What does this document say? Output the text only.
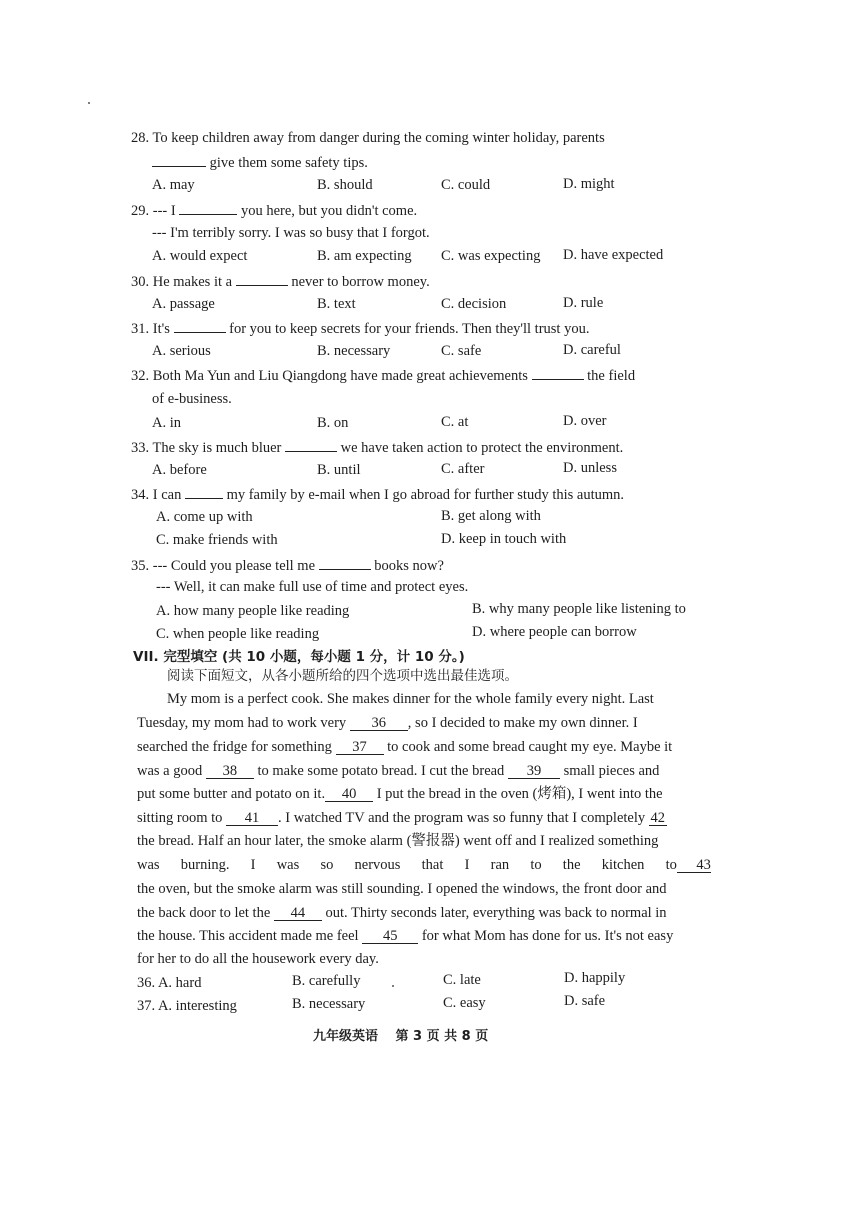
28. To keep children away from danger during the coming winter holiday, parents
give them some safety tips.
A. may	B. should	C. could	D. might
29. --- I	you here, but you didn't come.
--- I'm terribly sorry. I was so busy that I forgot.
A. would expect	B. am expecting C. was expecting D. have expected
30. He makes it a	never to borrow money.
A. passage	B. text	C. decision	D. rule
31. It's	for you to keep secrets for your friends. Then they'll trust you.
A. serious	B. necessary	C. safe	D. careful
32. Both Ma Yun and Liu Qiangdong have made great achievements	the field
of e-business.
A. in	B. on	C. at	D. over
33. The sky is much bluer	we have taken action to protect the environment.
A. before	B. until	C. after	D. unless
34. I can	my family by e-mail when I go abroad for further study this autumn.
A. come up with	B. get along with
C. make friends with	D. keep in touch with
35. --- Could you please tell me	books now?
--- Well, it can make full use of time and protect eyes.
A. how many people like reading	B. why many people like listening to
C. when people like reading	D. where people can borrow
VII. 完型填空 (共 10 小题，每小题 1 分，计 10 分。)
阅读下面短文，从各小题所给的四个选项中选出最佳选项。
My mom is a perfect cook. She makes dinner for the whole family every night. Last
Tuesday, my mom had to work very 36 , so I decided to make my own dinner. I
searched the fridge for something 37 to cook and some bread caught my eye. Maybe it
was a good 38 to make some potato bread. I cut the bread 39 small pieces and
put some butter and potato on it. 40 I put the bread in the oven (烤箱), I went into the
sitting room to 41 . I watched TV and the program was so funny that I completely 42
the bread. Half an hour later, the smoke alarm (警报器) went off and I realized something
was burning. I was so nervous that I ran to the kitchen to 43
the oven, but the smoke alarm was still sounding. I opened the windows, the front door and
the back door to let the 44 out. Thirty seconds later, everything was back to normal in
the house. This accident made me feel 45 for what Mom has done for us. It's not easy
for her to do all the housework every day.
36. A. hard	B. carefully	C. late	D. happily
37. A. interesting	B. necessary	C. easy	D. safe
九年级英语　 第 3 页 共 8 页
